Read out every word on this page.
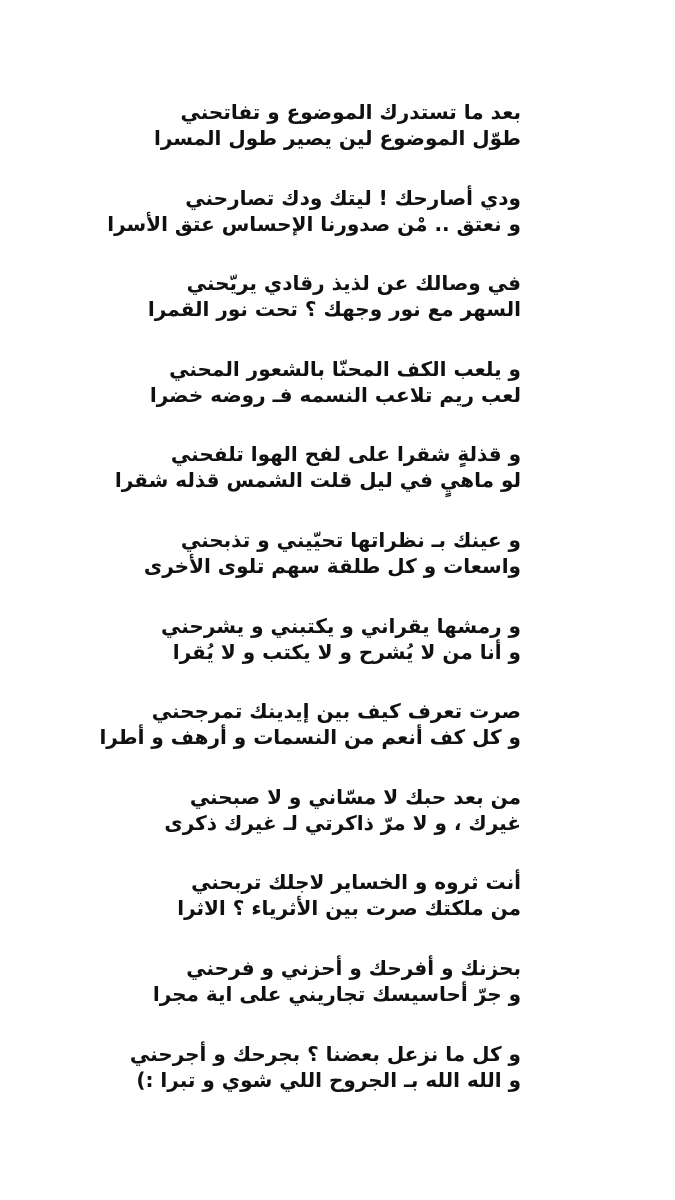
بعد ما تستدرك الموضوع و تفاتحني
طوّل الموضوع لين يصير طول المسرا
ودي أصارحك ! ليتك ودك تصارحني
و نعتق .. مْن صدورنا الإحساس عتق الأسرا
في وصالك عن لذيذ رقادي يريّحني
السهر مع نور وجهك ؟ تحت نور القمرا
و يلعب الكف المحنّا بالشعور المحني
لعب ريم تلاعب النسمه فـ روضه خضرا
و قذلةٍ شقرا على لفح الهوا تلفحني
لو ماهيٍ في ليل قلت الشمس قذله شقرا
و عينك بـ نظراتها تحيّيني و تذبحني
واسعات و كل طلقة سهم تلوى الأخرى
و رمشها يقراني و يكتبني و يشرحني
و أنا من لا يُشرح و لا يكتب و لا يُقرا
صرت تعرف كيف بين إيدينك تمرجحني
و كل كف أنعم من النسمات و أرهف و أطرا
من بعد حبك لا مسّاني و لا صبحني
غيرك ، و لا مرّ ذاكرتي لـ غيرك ذكرى
أنت ثروه و الخساير لاجلك تربحني
من ملكتك صرت بين الأثرياء ؟ الاثرا
بحزنك و أفرحك و أحزني و فرحني
و جرّ أحاسيسك تجاريني على اية مجرا
و كل ما نزعل بعضنا ؟ بجرحك و أجرحني
و الله الله بـ الجروح اللي شوي و تبرا :)
